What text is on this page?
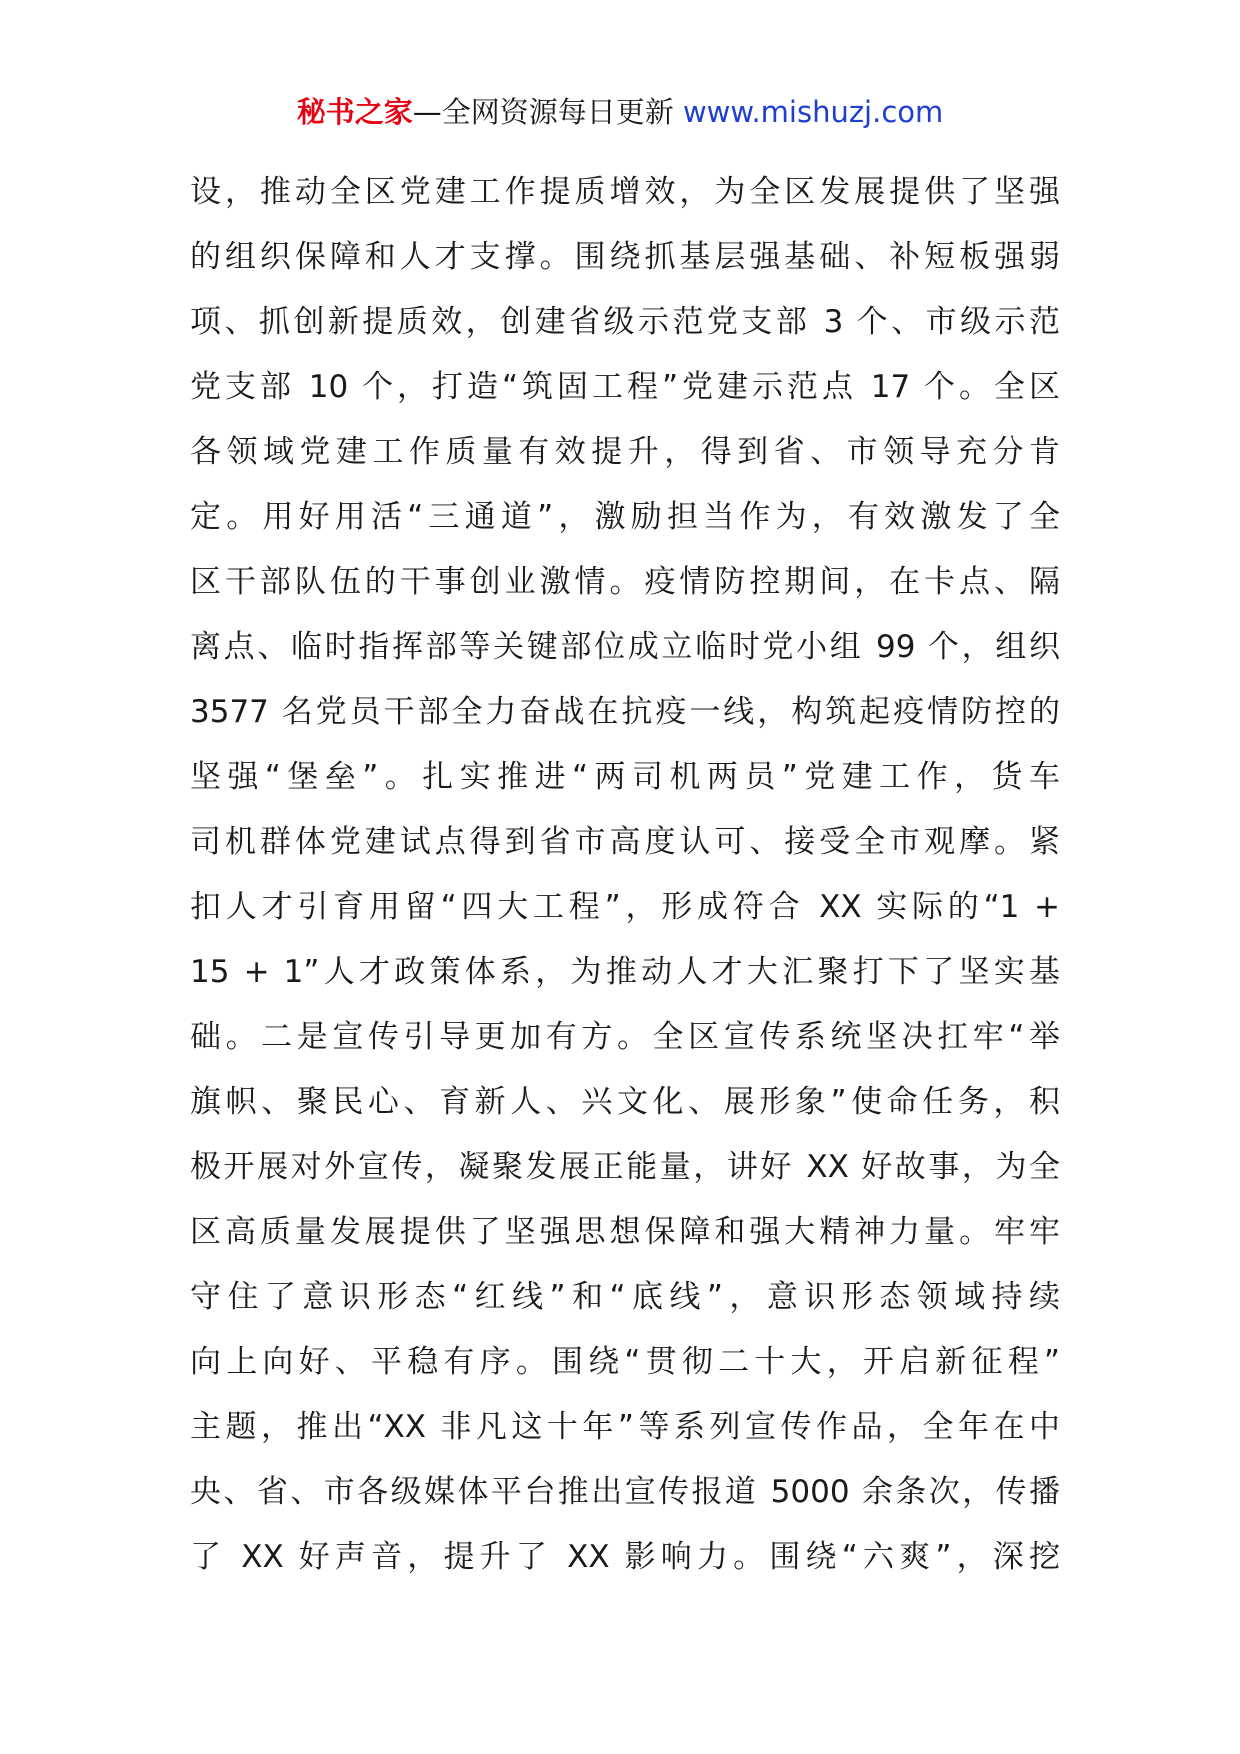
秘书之家—全网资源每日更新 www.mishuzj.com
设，推动全区党建工作提质增效，为全区发展提供了坚强
的组织保障和人才支撑。围绕抓基层强基础、补短板强弱
项、抓创新提质效，创建省级示范党支部 3 个、市级示范
党支部 10 个，打造“筑固工程”党建示范点 17 个。全区
各领域党建工作质量有效提升，得到省、市领导充分肯
定。用好用活“三通道”，激励担当作为，有效激发了全
区干部队伍的干事创业激情。疫情防控期间，在卡点、隔
离点、临时指挥部等关键部位成立临时党小组 99 个，组织
3577 名党员干部全力奋战在抗疫一线，构筑起疫情防控的
坚强“堡垒”。扎实推进“两司机两员”党建工作，货车
司机群体党建试点得到省市高度认可、接受全市观摩。紧
扣人才引育用留“四大工程”，形成符合 XX 实际的“1 +
15 + 1”人才政策体系，为推动人才大汇聚打下了坚实基
础。二是宣传引导更加有方。全区宣传系统坚决扛牢“举
旗帜、聚民心、育新人、兴文化、展形象”使命任务，积
极开展对外宣传，凝聚发展正能量，讲好 XX 好故事，为全
区高质量发展提供了坚强思想保障和强大精神力量。牢牢
守住了意识形态“红线”和“底线”，意识形态领域持续
向上向好、平稳有序。围绕“贯彻二十大，开启新征程”
主题，推出“XX 非凡这十年”等系列宣传作品，全年在中
央、省、市各级媒体平台推出宣传报道 5000 余条次，传播
了 XX 好声音，提升了 XX 影响力。围绕“六爽”，深挖
